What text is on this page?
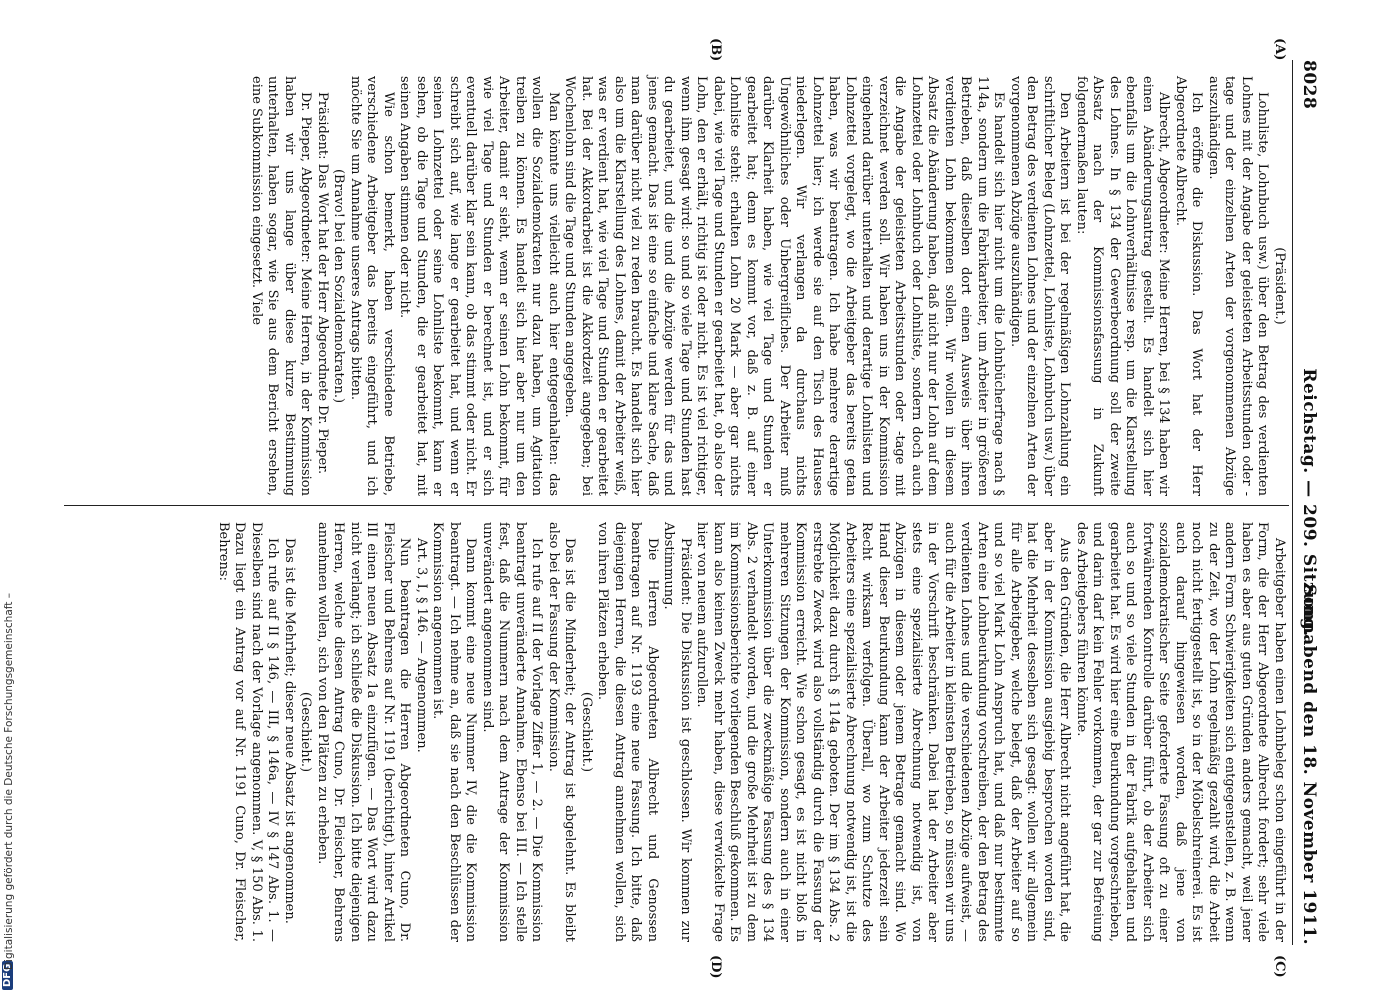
8028
Reichstag. — 209. Sitzung.
Sonnabend den 18. November 1911.
(A)
(B)
(C)
(D)

(Präsident.)

Lohnliste, Lohnbuch usw.) über den Betrag des verdienten Lohnes mit der Angabe der geleisteten Arbeitsstunden oder -tage und der einzelnen Arten der vorgenommenen Abzüge auszuhändigen.

Ich eröffne die Diskussion. Das Wort hat der Herr Abgeordnete Albrecht.

Albrecht, Abgeordneter: Meine Herren, bei § 134 haben wir einen Abänderungsantrag gestellt. Es handelt sich hier ebenfalls um die Lohnverhältnisse resp. um die Klarstellung des Lohnes. In § 134 der Gewerbeordnung soll der zweite Absatz nach der Kommissionsfassung in Zukunft folgendermaßen lauten:

Den Arbeitern ist bei der regelmäßigen Lohnzahlung ein schriftlicher Beleg (Lohnzettel, Lohnliste, Lohnbuch usw.) über den Betrag des verdienten Lohnes und der einzelnen Arten der vorgenommenen Abzüge auszuhändigen.

Es handelt sich hier nicht um die Lohnbücherfrage nach § 114a, sondern um die Fabrikarbeiter, um Arbeiter in größeren Betrieben, daß dieselben dort einen Ausweis über ihren verdienten Lohn bekommen sollen. Wir wollen in diesem Absatz die Abänderung haben, daß nicht nur der Lohn auf dem Lohnzettel oder Lohnbuch oder Lohnliste, sondern doch auch die Angabe der geleisteten Arbeitsstunden oder -tage mit verzeichnet werden soll. Wir haben uns in der Kommission eingehend darüber unterhalten und derartige Lohnlisten und Lohnzettel vorgelegt, wo die Arbeitgeber das bereits getan haben, was wir beantragen. Ich habe mehrere derartige Lohnzettel hier; ich werde sie auf den Tisch des Hauses niederlegen. Wir verlangen da durchaus nichts Ungewöhnliches oder Unbergreifliches. Der Arbeiter muß darüber Klarheit haben, wie viel Tage und Stunden er gearbeitet hat; denn es kommt vor, daß z. B. auf einer Lohnliste steht: erhalten Lohn 20 Mark — aber gar nichts dabei, wie viel Tage und Stunden er gearbeitet hat, ob also der Lohn, den er erhält, richtig ist oder nicht. Es ist viel richtiger, wenn ihm gesagt wird: so und so viele Tage und Stunden hast du gearbeitet, und die und die Abzüge werden für das und jenes gemacht. Das ist eine so einfache und klare Sache, daß man darüber nicht viel zu reden braucht. Es handelt sich hier also um die Klarstellung des Lohnes, damit der Arbeiter weiß, was er verdient hat, wie viel Tage und Stunden er gearbeitet hat. Bei der Akkordarbeit ist die Akkordzeit angegeben; bei Wochenlohn sind die Tage und Stunden angegeben.

Man könnte uns vielleicht auch hier entgegenhalten: das wollen die Sozialdemokraten nur dazu haben, um Agitation treiben zu können. Es handelt sich hier aber nur um den Arbeiter, damit er sieht, wenn er seinen Lohn bekommt, für wie viel Tage und Stunden er berechnet ist, und er sich eventuell darüber klar sein kann, ob das stimmt oder nicht. Er schreibt sich auf, wie lange er gearbeitet hat, und wenn er seinen Lohnzettel oder seine Lohnliste bekommt, kann er sehen, ob die Tage und Stunden, die er gearbeitet hat, mit seinen Angaben stimmen oder nicht.

Wie schon bemerkt, haben verschiedene Betriebe, verschiedene Arbeitgeber das bereits eingeführt, und ich möchte Sie um Annahme unseres Antrags bitten.

(Bravo! bei den Sozialdemokraten.)

Präsident: Das Wort hat der Herr Abgeordnete Dr. Pieper.

Dr. Pieper, Abgeordneter: Meine Herren, in der Kommission haben wir uns lange über diese kurze Bestimmung unterhalten, haben sogar, wie Sie aus dem Bericht ersehen, eine Subkommission eingesetzt. Viele

Arbeitgeber haben einen Lohnbeleg schon eingeführt in der Form, die der Herr Abgeordnete Albrecht fordert; sehr viele haben es aber aus guten Gründen anders gemacht, weil jener andern Form Schwierigkeiten sich entgegenstellen, z. B. wenn zu der Zeit, wo der Lohn regelmäßig gezahlt wird, die Arbeit noch nicht fertiggestellt ist, so in der Möbelschreinerei. Es ist auch darauf hingewiesen worden, daß jene von sozialdemokratischer Seite geforderte Fassung oft zu einer fortwährenden Kontrolle darüber führt, ob der Arbeiter sich auch so und so viele Stunden in der Fabrik aufgehalten und gearbeitet hat. Es wird hier eine Beurkundung vorgeschrieben, und darin darf kein Fehler vorkommen, der gar zur Befreiung des Arbeitgebers führen könnte.

Aus den Gründen, die Herr Albrecht nicht angeführt hat, die aber in der Kommission ausgiebig besprochen worden sind, hat die Mehrheit desselben sich gesagt: wollen wir allgemein für alle Arbeitgeber, welche belegt, daß der Arbeiter auf so und so viel Mark Lohn Anspruch hat, und daß nur bestimmte Arten eine Lohnbeurkundung vorschreiben, der den Betrag des verdienten Lohnes und die verschiedenen Abzüge aufweist, — auch für die Arbeiter in kleinsten Betrieben, so müssen wir uns in der Vorschrift beschränken. Dabei hat der Arbeiter aber stets eine spezialisierte Abrechnung notwendig ist, von Abzügen in diesem oder jenem Betrage gemacht sind. Wo Hand dieser Beurkundung kann der Arbeiter jederzeit sein Recht wirksam verfolgen. Überall, wo zum Schutze des Arbeiters eine spezialisierte Abrechnung notwendig ist, ist die Möglichkeit dazu durch § 114a geboten. Der im § 134 Abs. 2 erstrebte Zweck wird also vollständig durch die Fassung der Kommission erreicht. Wie schon gesagt, es ist nicht bloß in mehreren Sitzungen der Kommission, sondern auch in einer Unterkommission über die zweckmäßige Fassung des § 134 Abs. 2 verhandelt worden, und die große Mehrheit ist zu dem im Kommissionsberichte vorliegenden Beschluß gekommen. Es kann also keinen Zweck mehr haben, diese verwickelte Frage hier von neuem aufzurollen.

Präsident: Die Diskussion ist geschlossen. Wir kommen zur Abstimmung.

Die Herren Abgeordneten Albrecht und Genossen beantragen auf Nr. 1193 eine neue Fassung. Ich bitte, daß diejenigen Herren, die diesen Antrag annehmen wollen, sich von ihren Plätzen erheben.

(Geschieht.)

Das ist die Minderheit; der Antrag ist abgelehnt. Es bleibt also bei der Fassung der Kommission.

Ich rufe auf II der Vorlage Ziffer 1, — 2. — Die Kommission beantragt unveränderte Annahme. Ebenso bei III. — Ich stelle fest, daß die Nummern nach dem Antrage der Kommission unverändert angenommen sind.

Dann kommt eine neue Nummer IV, die die Kommission beantragt. — Ich nehme an, daß sie nach den Beschlüssen der Kommission angenommen ist.

Art. 3, I, § 146. — Angenommen.

Nun beantragen die Herren Abgeordneten Cuno, Dr. Fleischer und Behrens auf Nr. 1191 (berichtigt), hinter Artikel III einen neuen Absatz 1a einzufügen. — Das Wort wird dazu nicht verlangt; ich schließe die Diskussion. Ich bitte diejenigen Herren, welche diesen Antrag Cuno, Dr. Fleischer, Behrens annehmen wollen, sich von den Plätzen zu erheben.

(Geschieht.)

Das ist die Mehrheit; dieser neue Absatz ist angenommen.

Ich rufe auf II § 146, — III, § 146a, — IV § 147 Abs. 1. — Dieselben sind nach der Vorlage angenommen. V, § 150 Abs. 1. Dazu liegt ein Antrag vor auf Nr. 1191 Cuno, Dr. Fleischer, Behrens:

DFG
Digitalisierung gefördert durch die Deutsche Forschungsgemeinschaft –
